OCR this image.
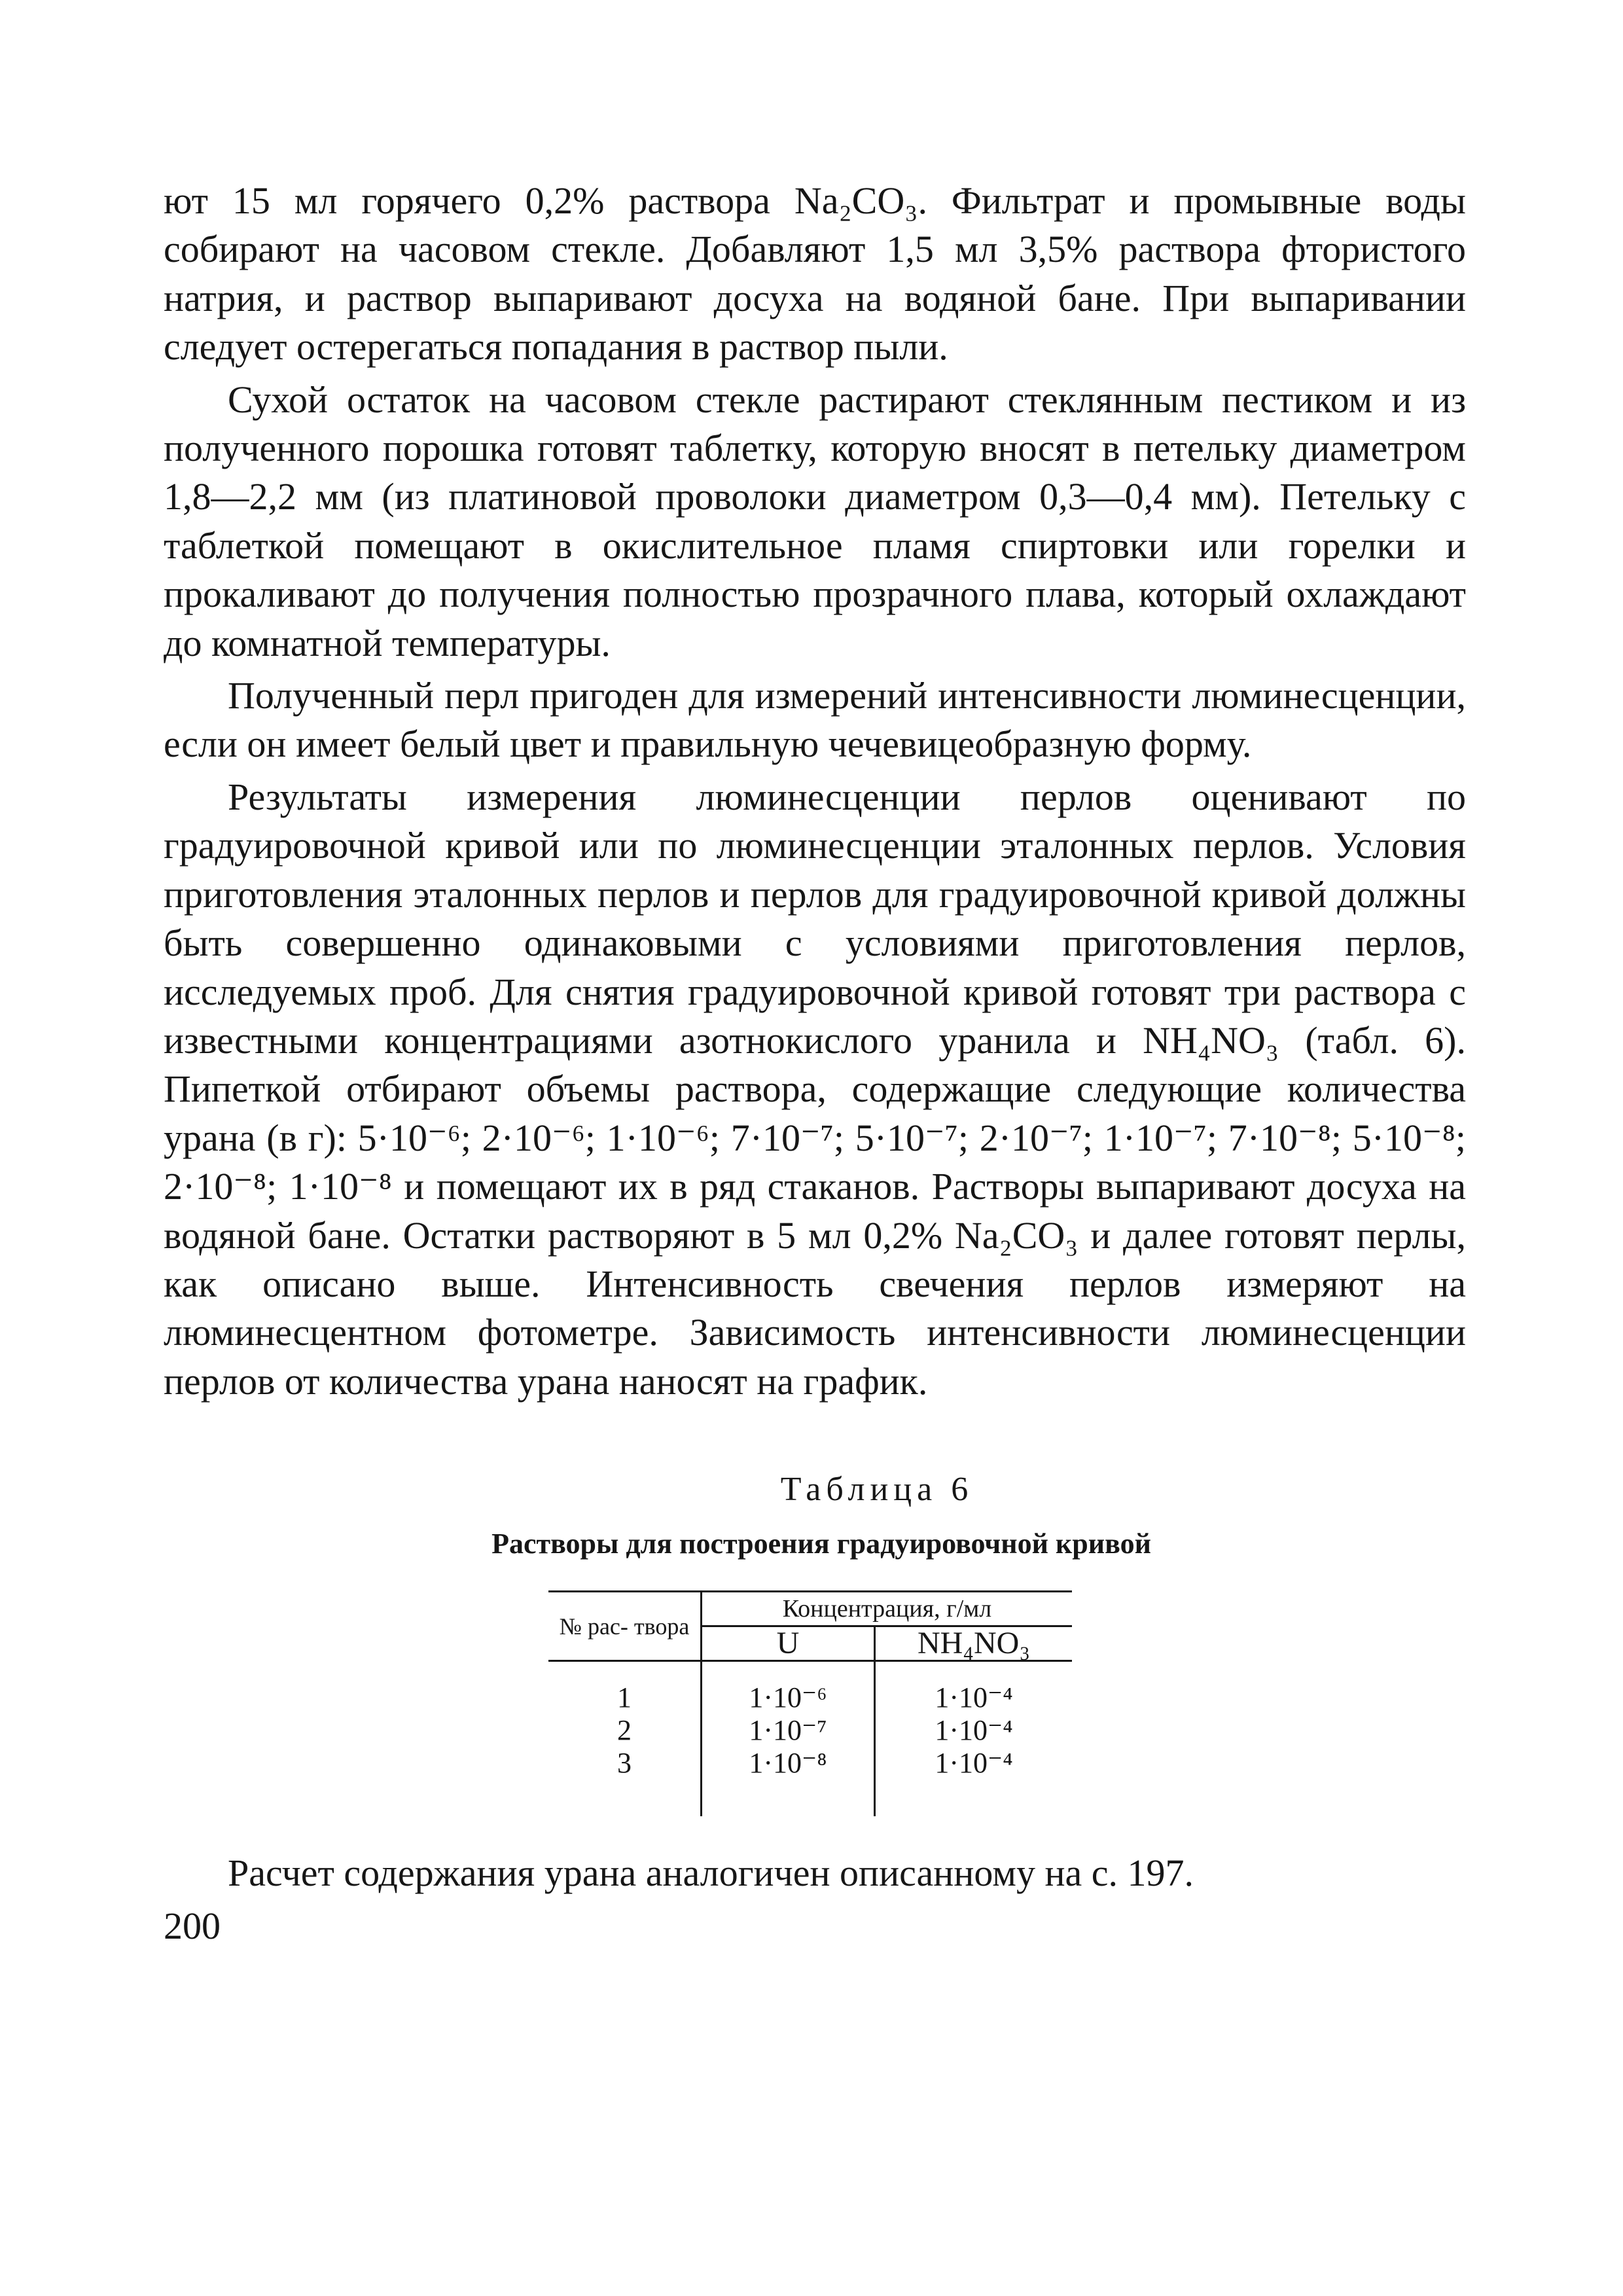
ют 15 мл горячего 0,2% раствора Na₂CO₃. Фильтрат и промывные воды собирают на часовом стекле. Добавляют 1,5 мл 3,5% раствора фтористого натрия, и раствор выпаривают досуха на водяной бане. При выпаривании следует остерегаться попадания в раствор пыли.

Сухой остаток на часовом стекле растирают стеклянным пестиком и из полученного порошка готовят таблетку, которую вносят в петельку диаметром 1,8—2,2 мм (из платиновой проволоки диаметром 0,3—0,4 мм). Петельку с таблеткой помещают в окислительное пламя спиртовки или горелки и прокаливают до получения полностью прозрачного плава, который охлаждают до комнатной температуры.

Полученный перл пригоден для измерений интенсивности люминесценции, если он имеет белый цвет и правильную чечевицеобразную форму.

Результаты измерения люминесценции перлов оценивают по градуировочной кривой или по люминесценции эталонных перлов. Условия приготовления эталонных перлов и перлов для градуировочной кривой должны быть совершенно одинаковыми с условиями приготовления перлов, исследуемых проб. Для снятия градуировочной кривой готовят три раствора с известными концентрациями азотнокислого уранила и NH₄NO₃ (табл. 6). Пипеткой отбирают объемы раствора, содержащие следующие количества урана (в г): 5·10⁻⁶; 2·10⁻⁶; 1·10⁻⁶; 7·10⁻⁷; 5·10⁻⁷; 2·10⁻⁷; 1·10⁻⁷; 7·10⁻⁸; 5·10⁻⁸; 2·10⁻⁸; 1·10⁻⁸ и помещают их в ряд стаканов. Растворы выпаривают досуха на водяной бане. Остатки растворяют в 5 мл 0,2% Na₂CO₃ и далее готовят перлы, как описано выше. Интенсивность свечения перлов измеряют на люминесцентном фотометре. Зависимость интенсивности люминесценции перлов от количества урана наносят на график.

Таблица 6
Растворы для построения градуировочной кривой
№ рас- твора	Концентрация, г/мл	
	U	NH₄NO₃
1	1·10⁻⁶	1·10⁻⁴
2	1·10⁻⁷	1·10⁻⁴
3	1·10⁻⁸	1·10⁻⁴

Расчет содержания урана аналогичен описанному на с. 197.

200
